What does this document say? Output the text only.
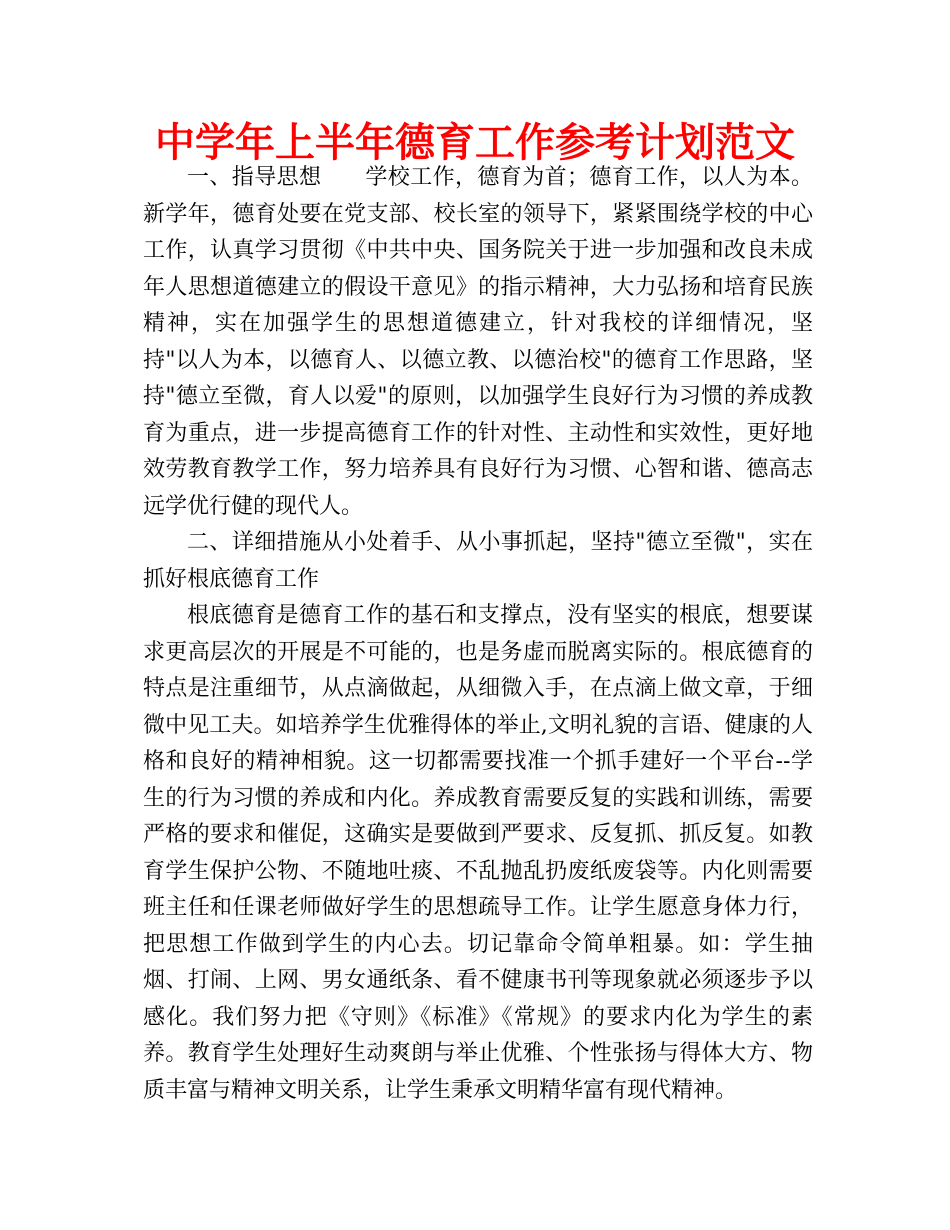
中学年上半年德育工作参考计划范文

一、指导思想 学校工作，德育为首；德育工作，以人为本。新学年，德育处要在党支部、校长室的领导下，紧紧围绕学校的中心工作，认真学习贯彻《中共中央、国务院关于进一步加强和改良未成年人思想道德建立的假设干意见》的指示精神，大力弘扬和培育民族精神，实在加强学生的思想道德建立，针对我校的详细情况，坚持"以人为本，以德育人、以德立教、以德治校"的德育工作思路，坚持"德立至微，育人以爱"的原则，以加强学生良好行为习惯的养成教育为重点，进一步提高德育工作的针对性、主动性和实效性，更好地效劳教育教学工作，努力培养具有良好行为习惯、心智和谐、德高志远学优行健的现代人。

二、详细措施从小处着手、从小事抓起，坚持"德立至微"，实在抓好根底德育工作

根底德育是德育工作的基石和支撑点，没有坚实的根底，想要谋求更高层次的开展是不可能的，也是务虚而脱离实际的。根底德育的特点是注重细节，从点滴做起，从细微入手，在点滴上做文章，于细微中见工夫。如培养学生优雅得体的举止,文明礼貌的言语、健康的人格和良好的精神相貌。这一切都需要找准一个抓手建好一个平台--学生的行为习惯的养成和内化。养成教育需要反复的实践和训练，需要严格的要求和催促，这确实是要做到严要求、反复抓、抓反复。如教育学生保护公物、不随地吐痰、不乱抛乱扔废纸废袋等。内化则需要班主任和任课老师做好学生的思想疏导工作。让学生愿意身体力行，把思想工作做到学生的内心去。切记靠命令简单粗暴。如：学生抽烟、打闹、上网、男女通纸条、看不健康书刊等现象就必须逐步予以感化。我们努力把《守则》《标准》《常规》的要求内化为学生的素养。教育学生处理好生动爽朗与举止优雅、个性张扬与得体大方、物质丰富与精神文明关系，让学生秉承文明精华富有现代精神。
